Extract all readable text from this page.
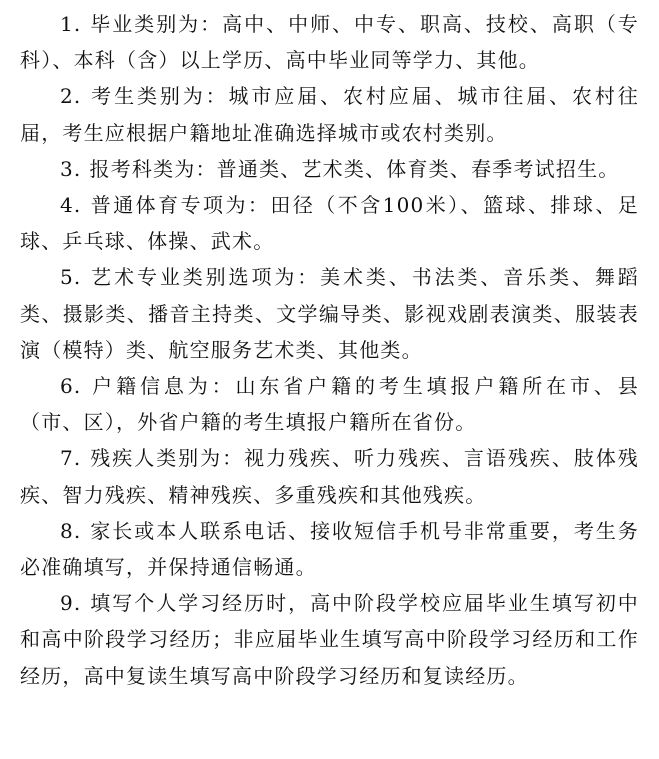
1. 毕业类别为：高中、中师、中专、职高、技校、高职（专科）、本科（含）以上学历、高中毕业同等学力、其他。

2. 考生类别为：城市应届、农村应届、城市往届、农村往届，考生应根据户籍地址准确选择城市或农村类别。

3. 报考科类为：普通类、艺术类、体育类、春季考试招生。

4. 普通体育专项为：田径（不含100米）、篮球、排球、足球、乒乓球、体操、武术。

5. 艺术专业类别选项为：美术类、书法类、音乐类、舞蹈类、摄影类、播音主持类、文学编导类、影视戏剧表演类、服装表演（模特）类、航空服务艺术类、其他类。

6. 户籍信息为：山东省户籍的考生填报户籍所在市、县（市、区），外省户籍的考生填报户籍所在省份。

7. 残疾人类别为：视力残疾、听力残疾、言语残疾、肢体残疾、智力残疾、精神残疾、多重残疾和其他残疾。

8. 家长或本人联系电话、接收短信手机号非常重要，考生务必准确填写，并保持通信畅通。

9. 填写个人学习经历时，高中阶段学校应届毕业生填写初中和高中阶段学习经历；非应届毕业生填写高中阶段学习经历和工作经历，高中复读生填写高中阶段学习经历和复读经历。
